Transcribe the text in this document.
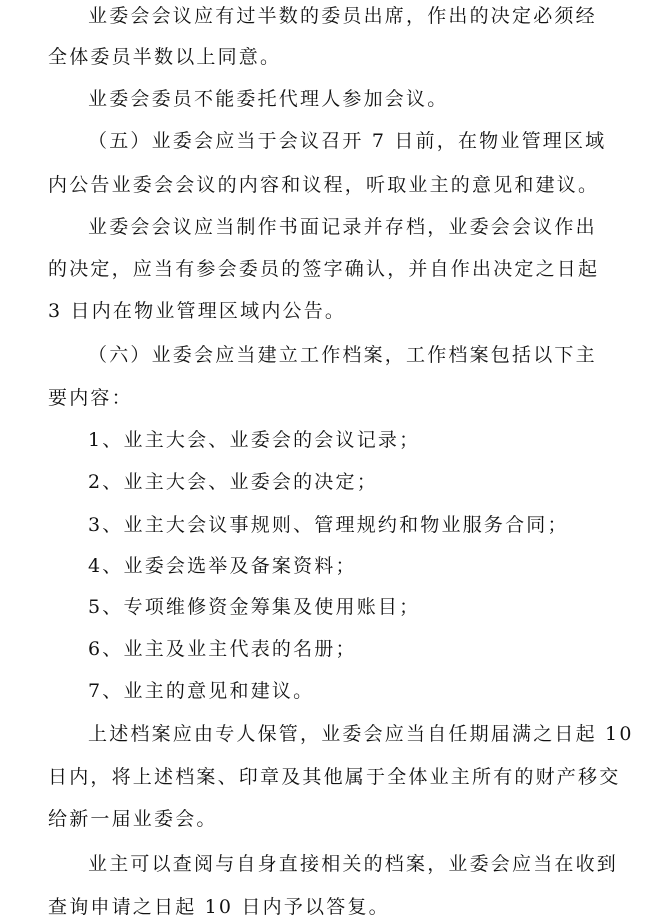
业委会会议应有过半数的委员出席，作出的决定必须经
全体委员半数以上同意。
业委会委员不能委托代理人参加会议。
（五）业委会应当于会议召开 7 日前，在物业管理区域
内公告业委会会议的内容和议程，听取业主的意见和建议。
业委会会议应当制作书面记录并存档，业委会会议作出
的决定，应当有参会委员的签字确认，并自作出决定之日起
3 日内在物业管理区域内公告。
（六）业委会应当建立工作档案，工作档案包括以下主
要内容：
1、业主大会、业委会的会议记录；
2、业主大会、业委会的决定；
3、业主大会议事规则、管理规约和物业服务合同；
4、业委会选举及备案资料；
5、专项维修资金筹集及使用账目；
6、业主及业主代表的名册；
7、业主的意见和建议。
上述档案应由专人保管，业委会应当自任期届满之日起 10
日内，将上述档案、印章及其他属于全体业主所有的财产移交
给新一届业委会。
业主可以查阅与自身直接相关的档案，业委会应当在收到
查询申请之日起 10 日内予以答复。
